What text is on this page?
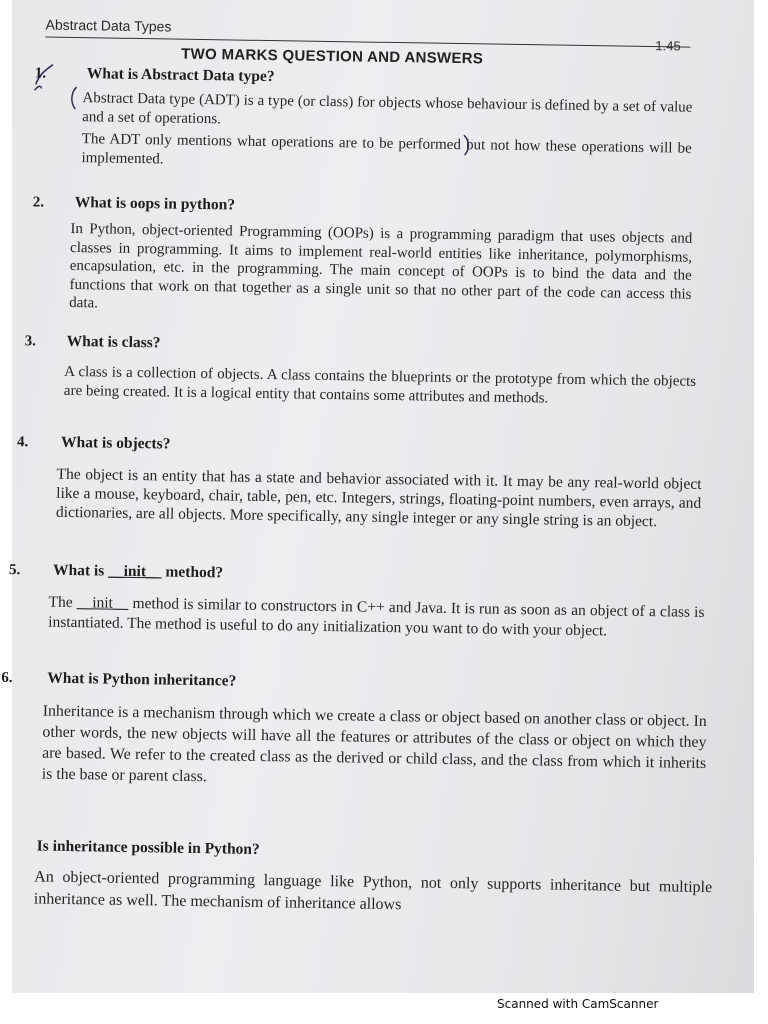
Abstract Data Types
1.45
TWO MARKS QUESTION AND ANSWERS
1.	What is Abstract Data type?

Abstract Data type (ADT) is a type (or class) for objects whose behaviour is defined by a set of value and a set of operations.

The ADT only mentions what operations are to be performed but not how these operations will be implemented.

2. What is oops in python?

In Python, object-oriented Programming (OOPs) is a programming paradigm that uses objects and classes in programming. It aims to implement real-world entities like inheritance, polymorphisms, encapsulation, etc. in the programming. The main concept of OOPs is to bind the data and the functions that work on that together as a single unit so that no other part of the code can access this data.

3. What is class?

A class is a collection of objects. A class contains the blueprints or the prototype from which the objects are being created. It is a logical entity that contains some attributes and methods.

4. What is objects?

The object is an entity that has a state and behavior associated with it. It may be any real-world object like a mouse, keyboard, chair, table, pen, etc. Integers, strings, floating-point numbers, even arrays, and dictionaries, are all objects. More specifically, any single integer or any single string is an object.

5. What is __init__ method?

The __init__ method is similar to constructors in C++ and Java. It is run as soon as an object of a class is instantiated. The method is useful to do any initialization you want to do with your object.

6. What is Python inheritance?

Inheritance is a mechanism through which we create a class or object based on another class or object. In other words, the new objects will have all the features or attributes of the class or object on which they are based. We refer to the created class as the derived or child class, and the class from which it inherits is the base or parent class.

Is inheritance possible in Python?

An object-oriented programming language like Python, not only supports inheritance but multiple inheritance as well. The mechanism of inheritance allows

Scanned with CamScanner
